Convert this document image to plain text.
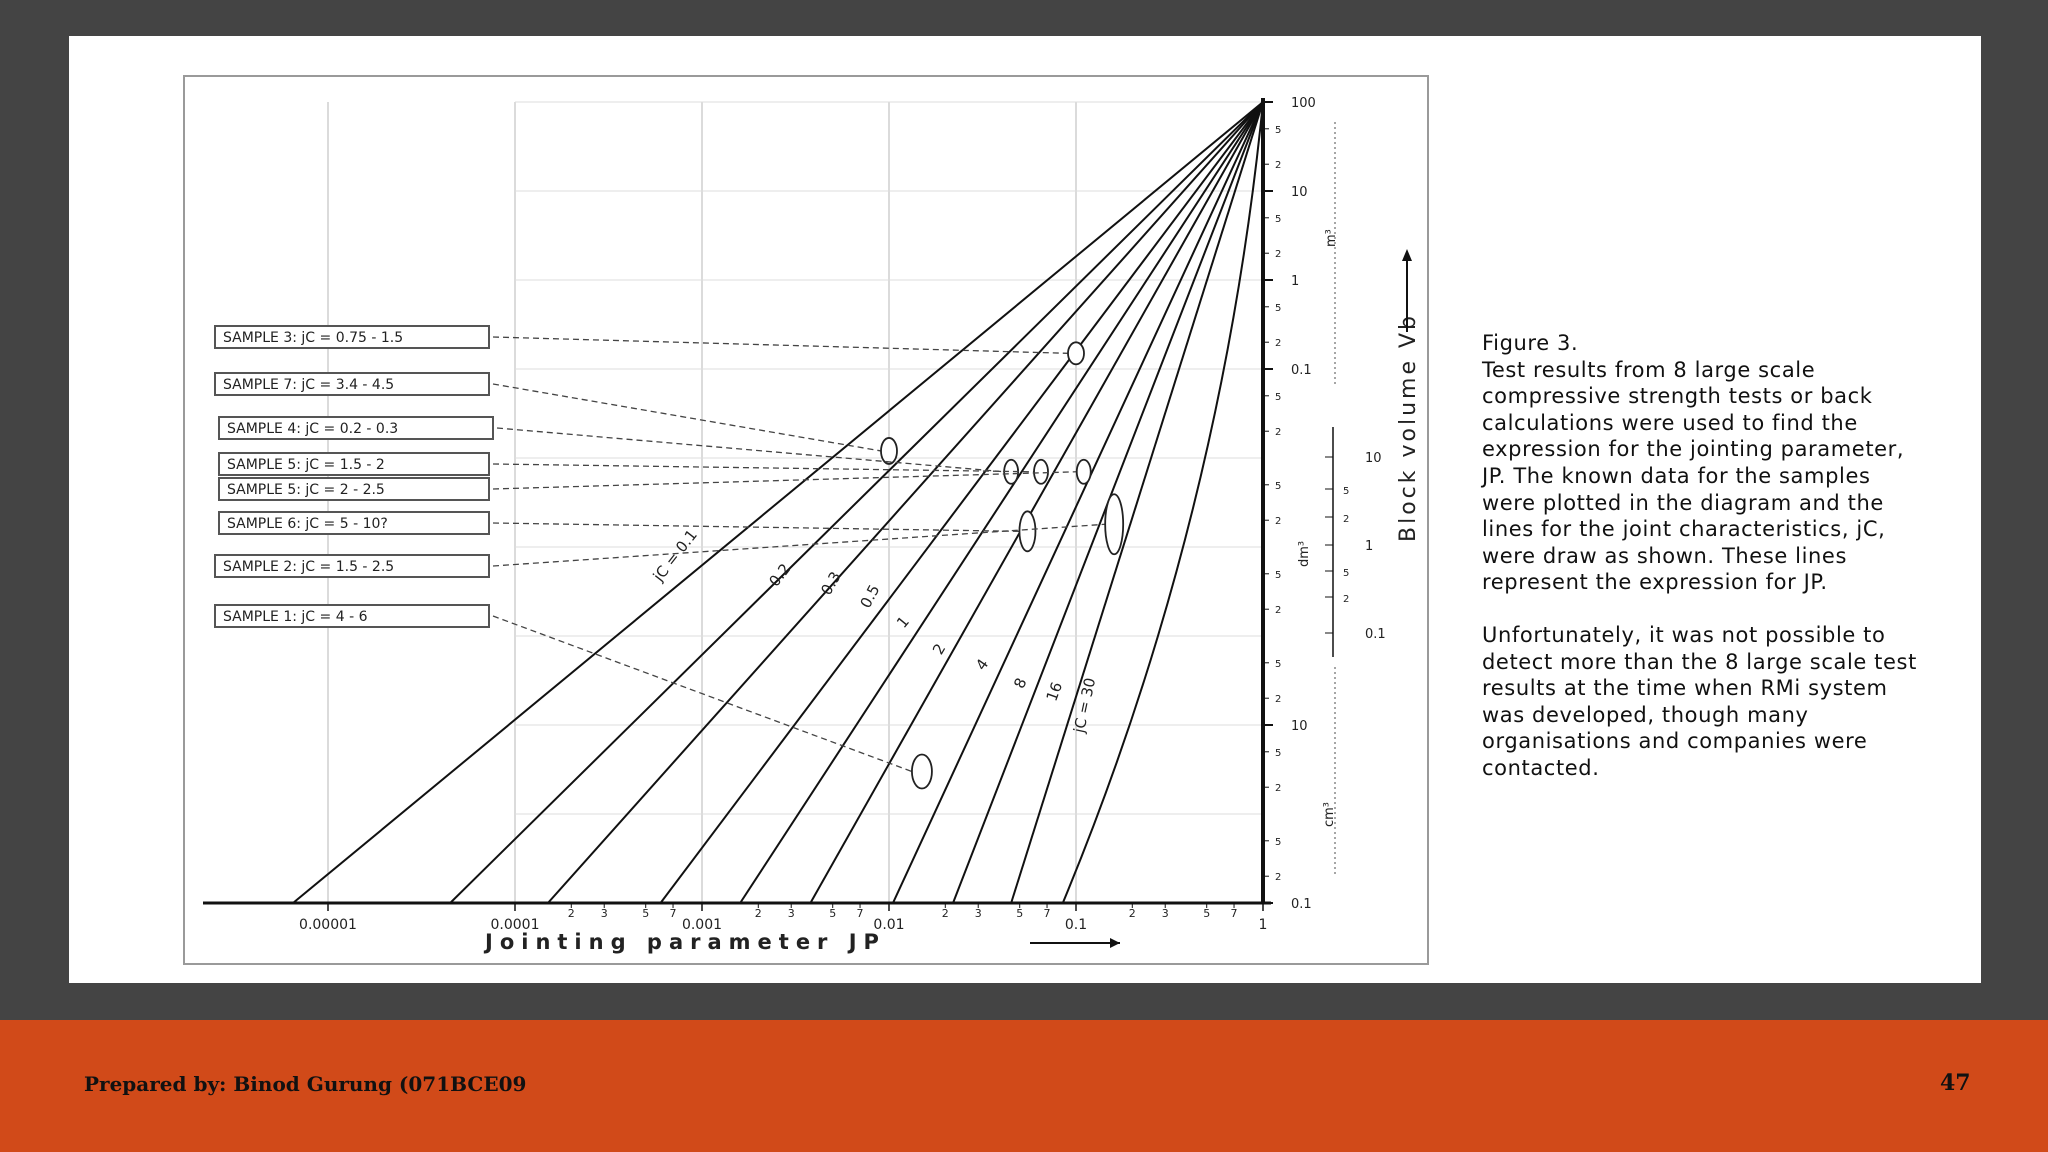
jC = 0.1	0.2 0.3 0.5
1
2
4
8 16 jC = 30
0.00001	0.0001	0.001	0.01	0.1	1
2 3	5 7	2 3	5 7	2 3	5 7	2 3	5 7
Jointing parameter JP
100
10
1
0.1
10
0.1
5
2
5
2
5
2
5
2
5
2
5
2
5
2
5
2
5
2
m³
dm³
cm³
10
5
2
1
5
2
0.1
Block volume Vb
SAMPLE 3: jC = 0.75 - 1.5
SAMPLE 7: jC = 3.4 - 4.5
SAMPLE 4: jC = 0.2 - 0.3
SAMPLE 5: jC = 1.5 - 2
SAMPLE 5: jC = 2 - 2.5
SAMPLE 6: jC = 5 - 10?
SAMPLE 2: jC = 1.5 - 2.5
SAMPLE 1: jC = 4 - 6

Figure 3.

Test results from 8 large scale compressive strength tests or back calculations were used to find the expression for the jointing parameter, JP. The known data for the samples were plotted in the diagram and the lines for the joint characteristics, jC, were draw as shown. These lines represent the expression for JP.

Unfortunately, it was not possible to detect more than the 8 large scale test results at the time when RMi system was developed, though many organisations and companies were contacted.

Prepared by: Binod Gurung (071BCE09	47
